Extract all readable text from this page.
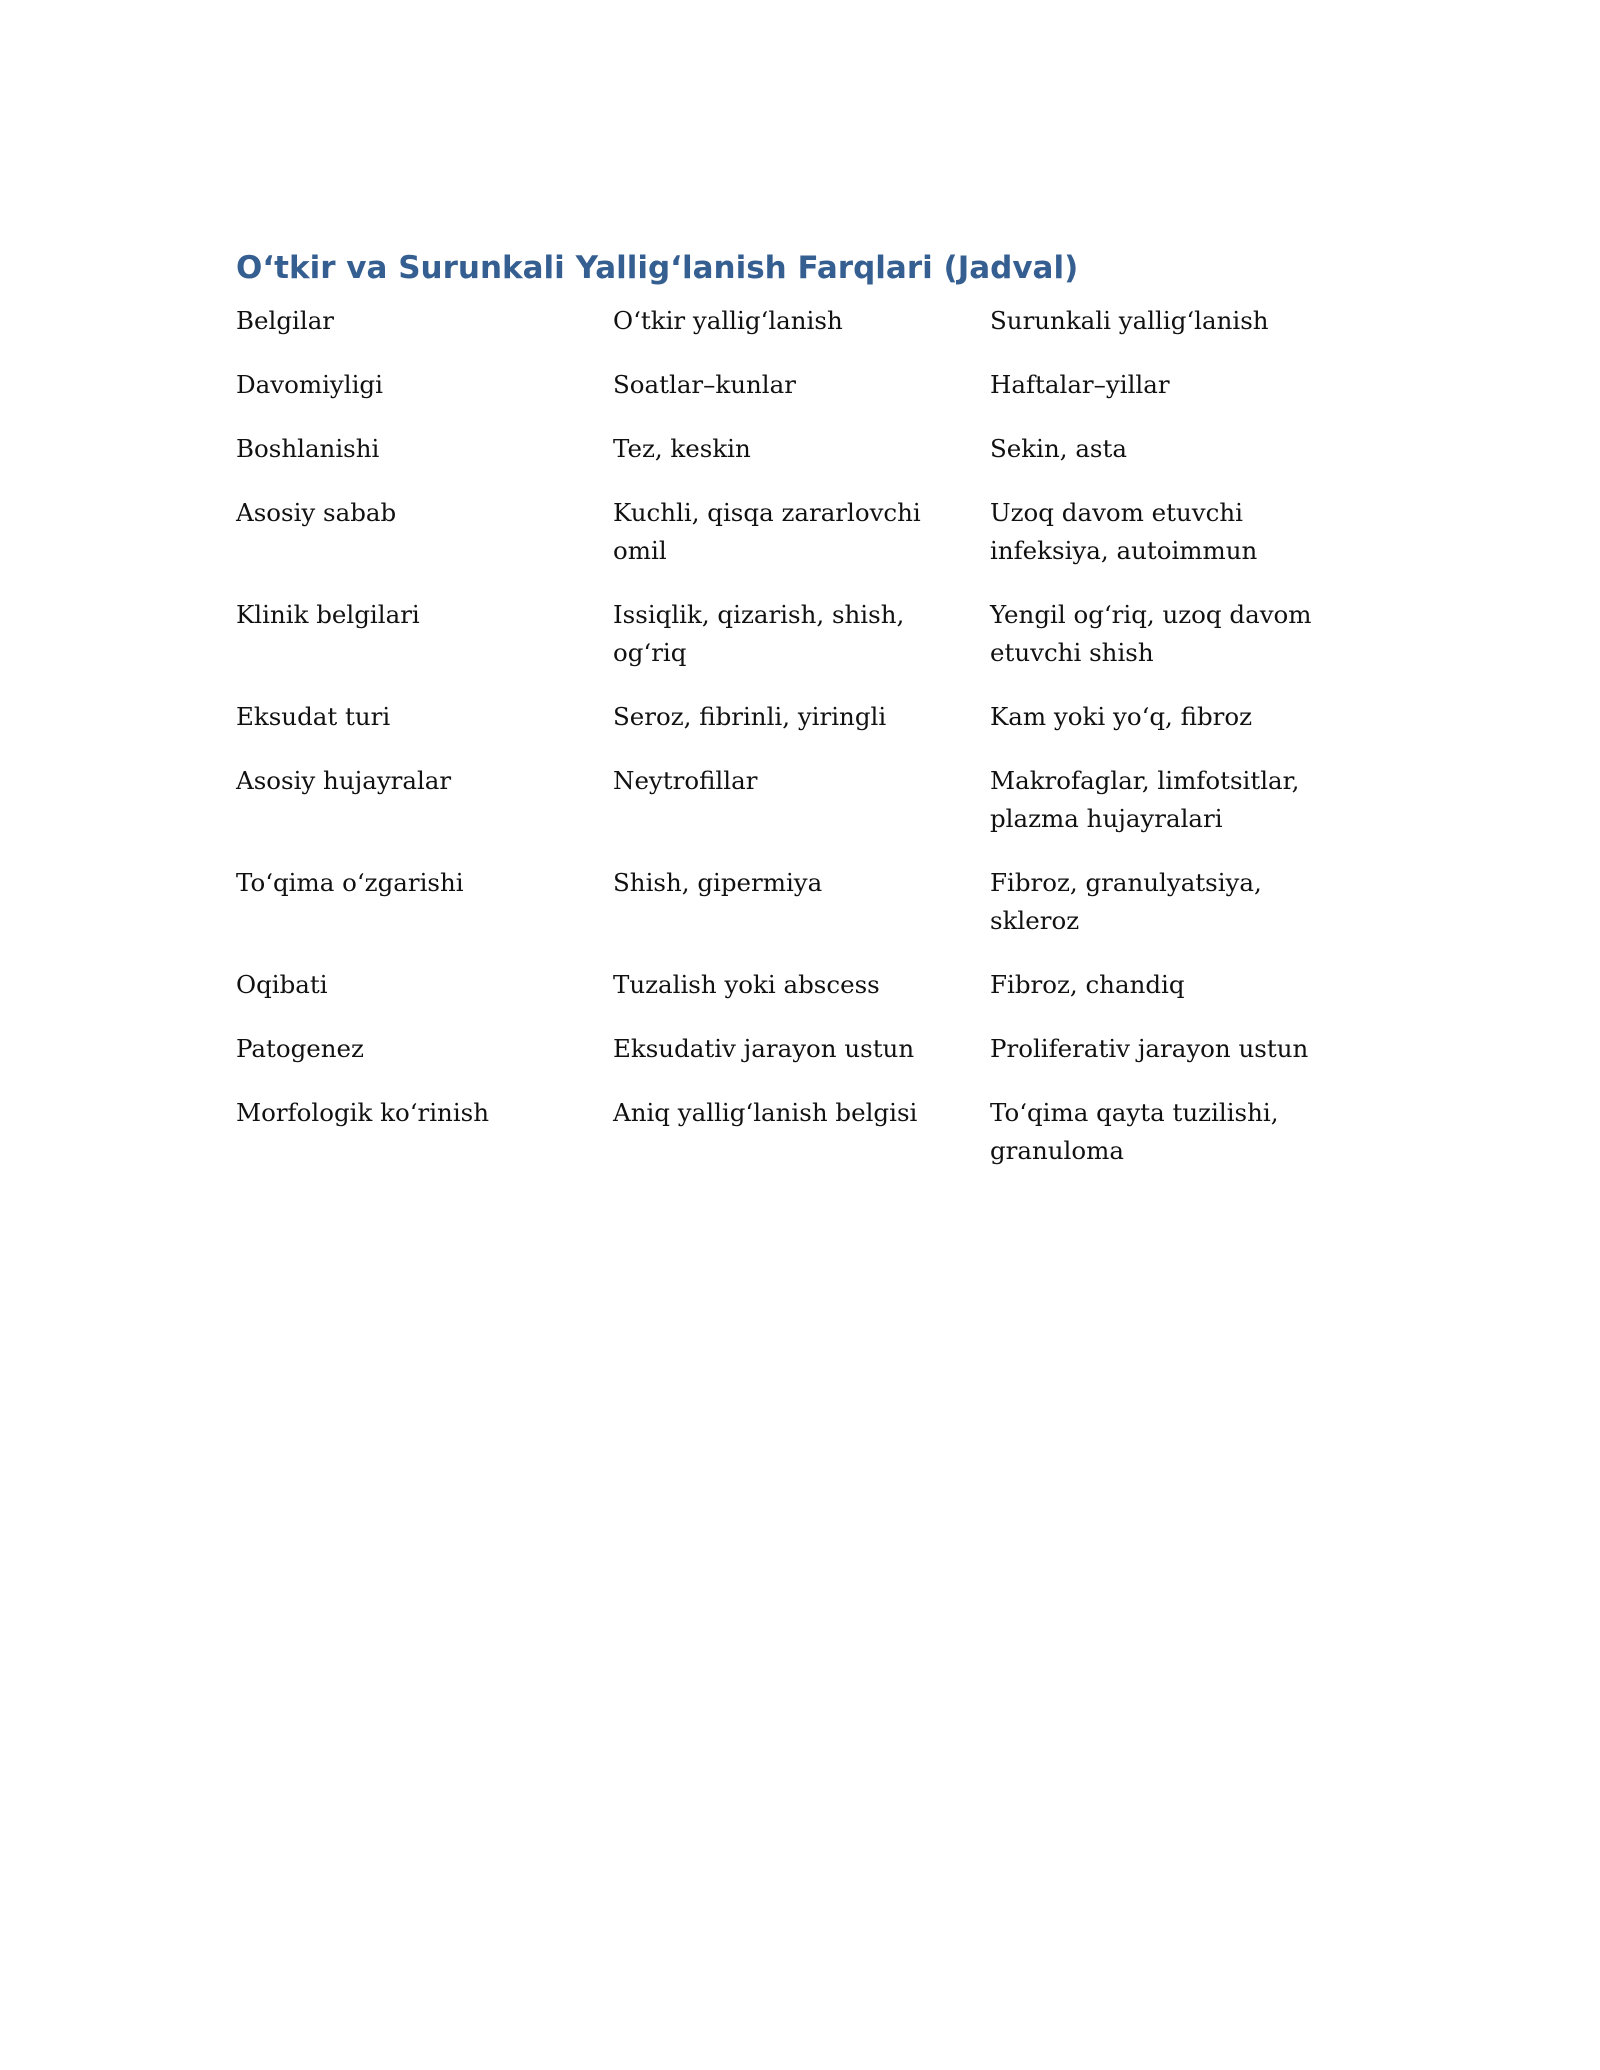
O‘tkir va Surunkali Yallig‘lanish Farqlari (Jadval)
Belgilar	O‘tkir yallig‘lanish	Surunkali yallig‘lanish
Davomiyligi	Soatlar–kunlar	Haftalar–yillar
Boshlanishi	Tez, keskin	Sekin, asta
Asosiy sabab	Kuchli, qisqa zararlovchi omil	Uzoq davom etuvchi infeksiya, autoimmun
Klinik belgilari	Issiqlik, qizarish, shish, og‘riq	Yengil og‘riq, uzoq davom etuvchi shish
Eksudat turi	Seroz, fibrinli, yiringli	Kam yoki yo‘q, fibroz
Asosiy hujayralar	Neytrofillar	Makrofaglar, limfotsitlar, plazma hujayralari
To‘qima o‘zgarishi	Shish, gipermiya	Fibroz, granulyatsiya, skleroz
Oqibati	Tuzalish yoki abscess	Fibroz, chandiq
Patogenez	Eksudativ jarayon ustun	Proliferativ jarayon ustun
Morfologik ko‘rinish	Aniq yallig‘lanish belgisi	To‘qima qayta tuzilishi, granuloma
